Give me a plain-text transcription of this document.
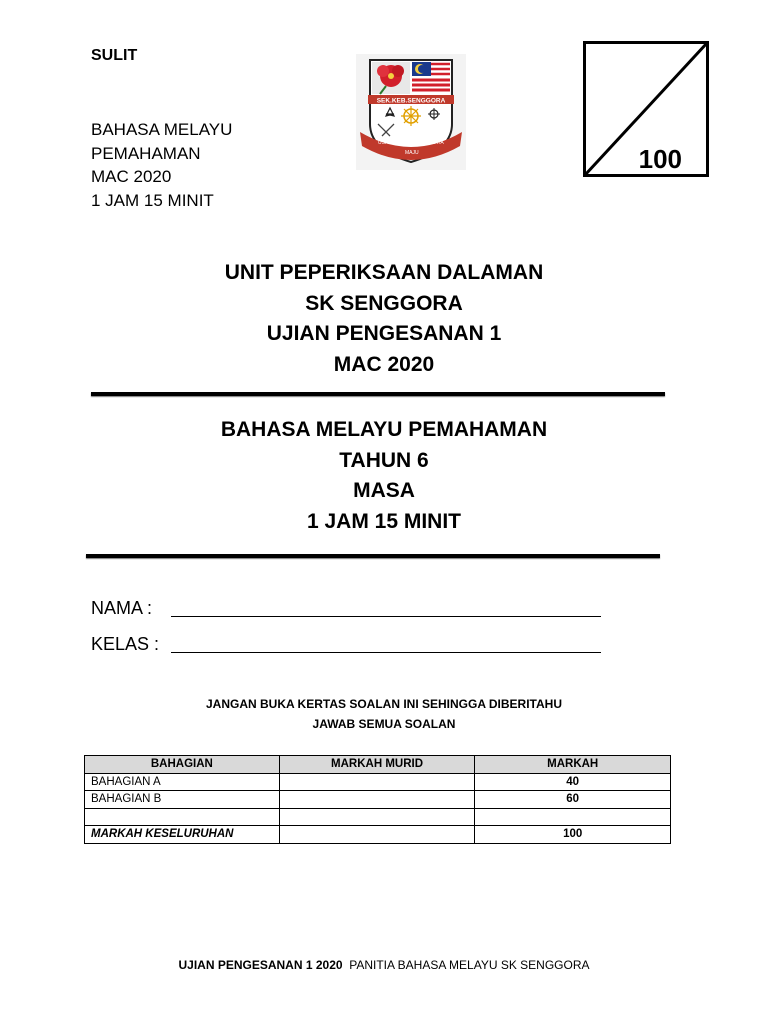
SULIT
BAHASA MELAYU
PEMAHAMAN
MAC 2020
1 JAM 15 MINIT
SEK.KEB.SENGGORA
USAHA
MAJU
JAYA
100
UNIT PEPERIKSAAN DALAMAN
SK SENGGORA
UJIAN PENGESANAN 1
MAC 2020
BAHASA MELAYU PEMAHAMAN
TAHUN 6
MASA
1 JAM 15 MINIT
NAMA :
KELAS :
JANGAN BUKA KERTAS SOALAN INI SEHINGGA DIBERITAHU
JAWAB SEMUA SOALAN
BAHAGIAN	MARKAH MURID	MARKAH
BAHAGIAN A		40
BAHAGIAN B		60

MARKAH KESELURUHAN		100
UJIAN PENGESANAN 1 2020 PANITIA BAHASA MELAYU SK SENGGORA
